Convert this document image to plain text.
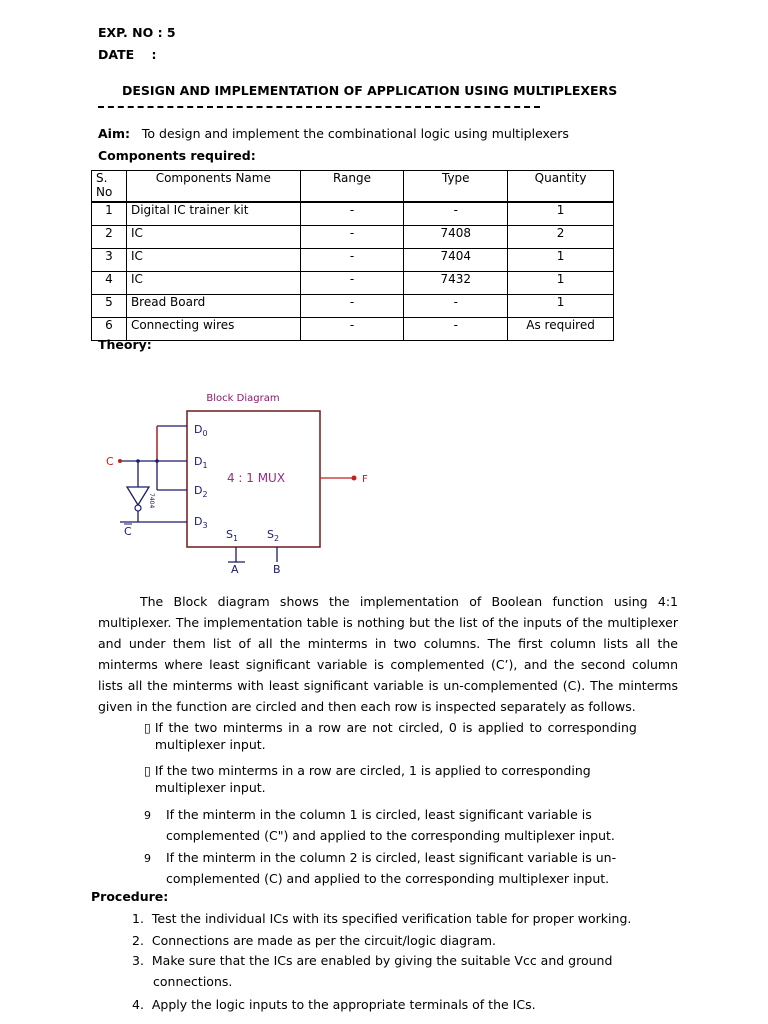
EXP. NO : 5
DATE    :
DESIGN AND IMPLEMENTATION OF APPLICATION USING MULTIPLEXERS
Aim: To design and implement the combinational logic using multiplexers
Components required:
S.
No	Components Name	Range	Type	Quantity
1	Digital IC trainer kit	-	-	1
2	IC	-	7408	2
3	IC	-	7404	1
4	IC	-	7432	1
5	Bread Board	-	-	1
6	Connecting wires	-	-	As required
Theory:
Block Diagram
4 : 1 MUX
$D_0$
$D_1$
$D_2$
$D_3$
$S_1$	$S_2$
7404
C
C
F
A	B
The Block diagram shows the implementation of Boolean function using 4:1 multiplexer. The implementation table is nothing but the list of the inputs of the multiplexer and under them list of all the minterms in two columns. The first column lists all the minterms where least significant variable is complemented (C’), and the second column lists all the minterms with least significant variable is un-complemented (C). The minterms given in the function are circled and then each row is inspected separately as follows.
▯ If the two minterms in a row are not circled, 0 is applied to corresponding multiplexer input.
▯ If the two minterms in a row are circled, 1 is applied to corresponding multiplexer input.
9 If the minterm in the column 1 is circled, least significant variable is complemented (C") and applied to the corresponding multiplexer input.
9 If the minterm in the column 2 is circled, least significant variable is un-complemented (C) and applied to the corresponding multiplexer input.
Procedure:
1.  Test the individual ICs with its specified verification table for proper working.
2.  Connections are made as per the circuit/logic diagram.
3.  Make sure that the ICs are enabled by giving the suitable Vcc and ground connections.
4.  Apply the logic inputs to the appropriate terminals of the ICs.
